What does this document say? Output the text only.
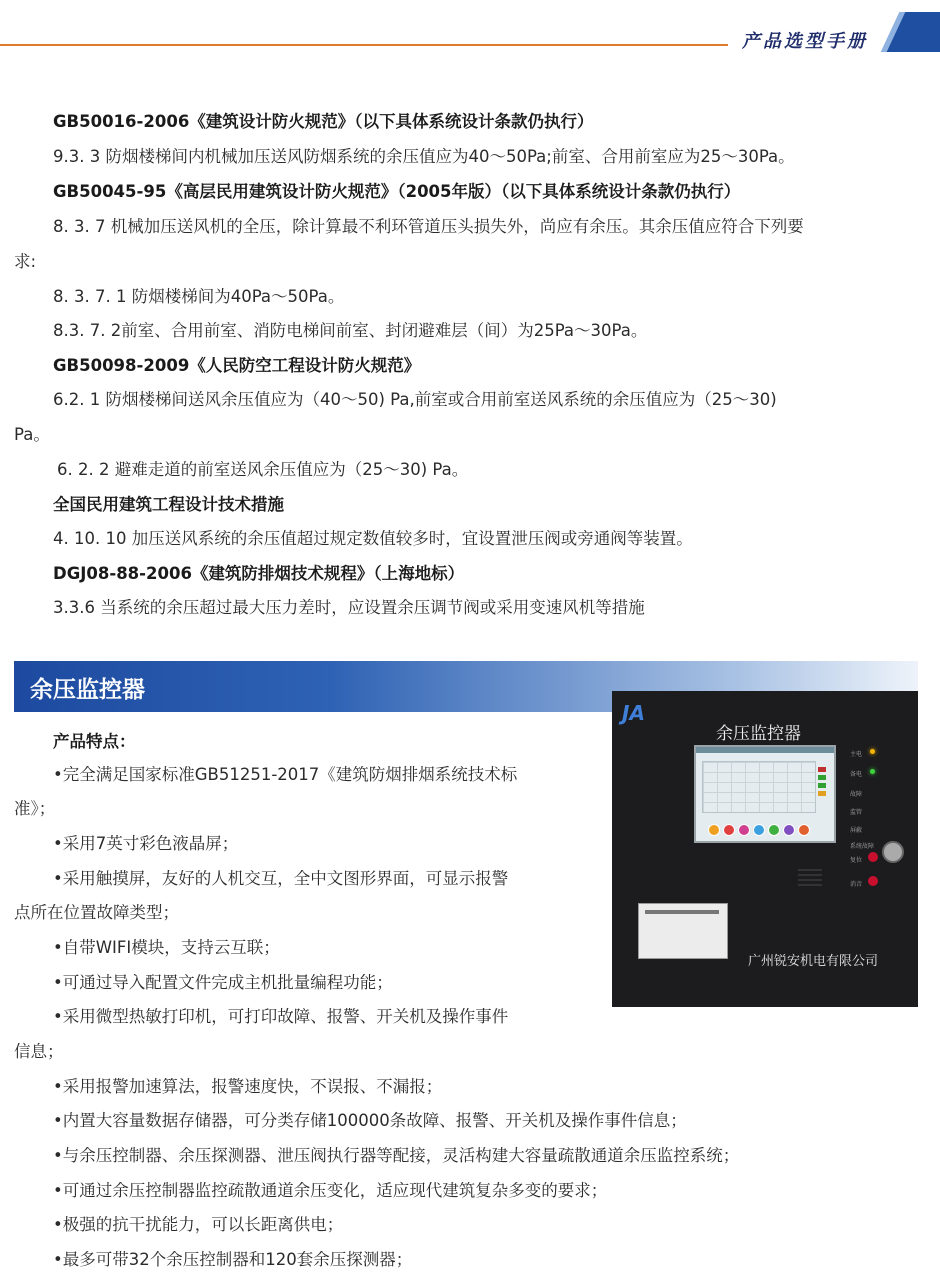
产品选型手册
GB50016-2006《建筑设计防火规范》（以下具体系统设计条款仍执行）
9.3. 3 防烟楼梯间内机械加压送风防烟系统的余压值应为40～50Pa;前室、合用前室应为25～30Pa。
GB50045-95《高层民用建筑设计防火规范》（2005年版）（以下具体系统设计条款仍执行）
8. 3. 7 机械加压送风机的全压，除计算最不利环管道压头损失外，尚应有余压。其余压值应符合下列要
求:
8. 3. 7. 1 防烟楼梯间为40Pa～50Pa。
8.3. 7. 2前室、合用前室、消防电梯间前室、封闭避难层（间）为25Pa～30Pa。
GB50098-2009《人民防空工程设计防火规范》
6.2. 1 防烟楼梯间送风余压值应为（40～50) Pa,前室或合用前室送风系统的余压值应为（25～30)
Pa。
6. 2. 2 避难走道的前室送风余压值应为（25～30) Pa。
全国民用建筑工程设计技术措施
4. 10. 10 加压送风系统的余压值超过规定数值较多时，宜设置泄压阀或旁通阀等装置。
DGJ08-88-2006《建筑防排烟技术规程》（上海地标）
3.3.6 当系统的余压超过最大压力差时，应设置余压调节阀或采用变速风机等措施
余压监控器
JA
余压监控器
主电
备电
故障
监管
屏蔽
系统故障
复位
消音
广州锐安机电有限公司
产品特点：
•完全满足国家标准GB51251-2017《建筑防烟排烟系统技术标
准》；
•采用7英寸彩色液晶屏；
•采用触摸屏，友好的人机交互，全中文图形界面，可显示报警
点所在位置故障类型；
•自带WIFI模块，支持云互联；
•可通过导入配置文件完成主机批量编程功能；
•采用微型热敏打印机，可打印故障、报警、开关机及操作事件
信息；
•采用报警加速算法，报警速度快，不误报、不漏报；
•内置大容量数据存储器，可分类存储100000条故障、报警、开关机及操作事件信息；
•与余压控制器、余压探测器、泄压阀执行器等配接，灵活构建大容量疏散通道余压监控系统；
•可通过余压控制器监控疏散通道余压变化，适应现代建筑复杂多变的要求；
•极强的抗干扰能力，可以长距离供电；
•最多可带32个余压控制器和120套余压探测器；
